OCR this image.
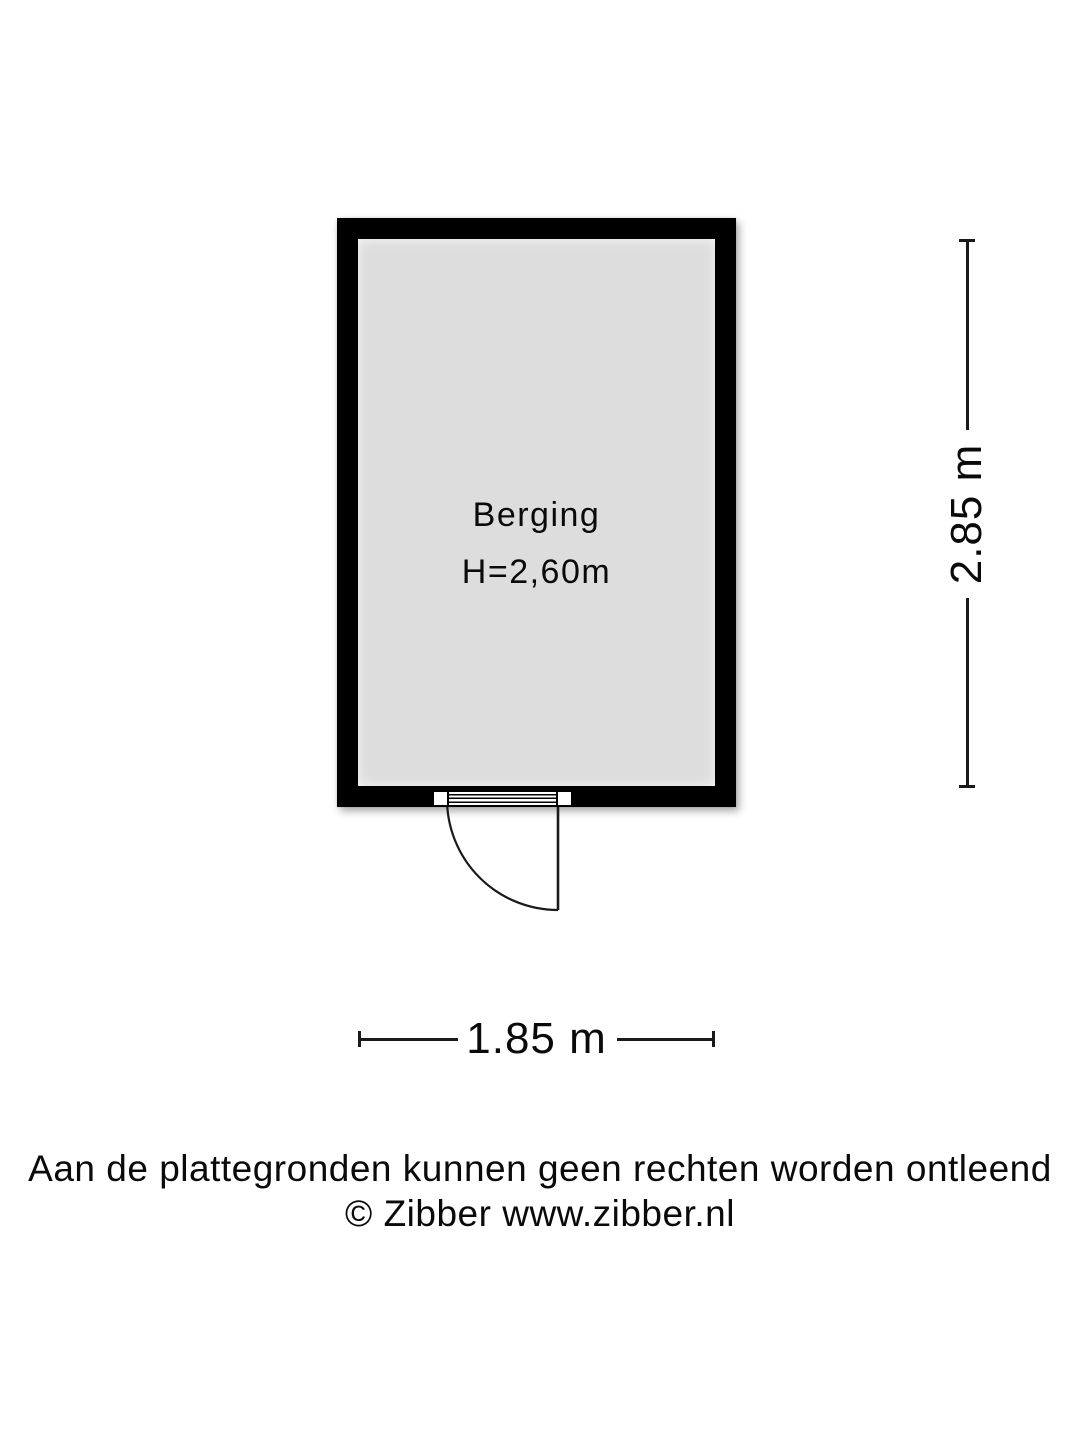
Berging
H=2,60m	2.85 m
1.85 m
Aan de plattegronden kunnen geen rechten worden ontleend
© Zibber www.zibber.nl
